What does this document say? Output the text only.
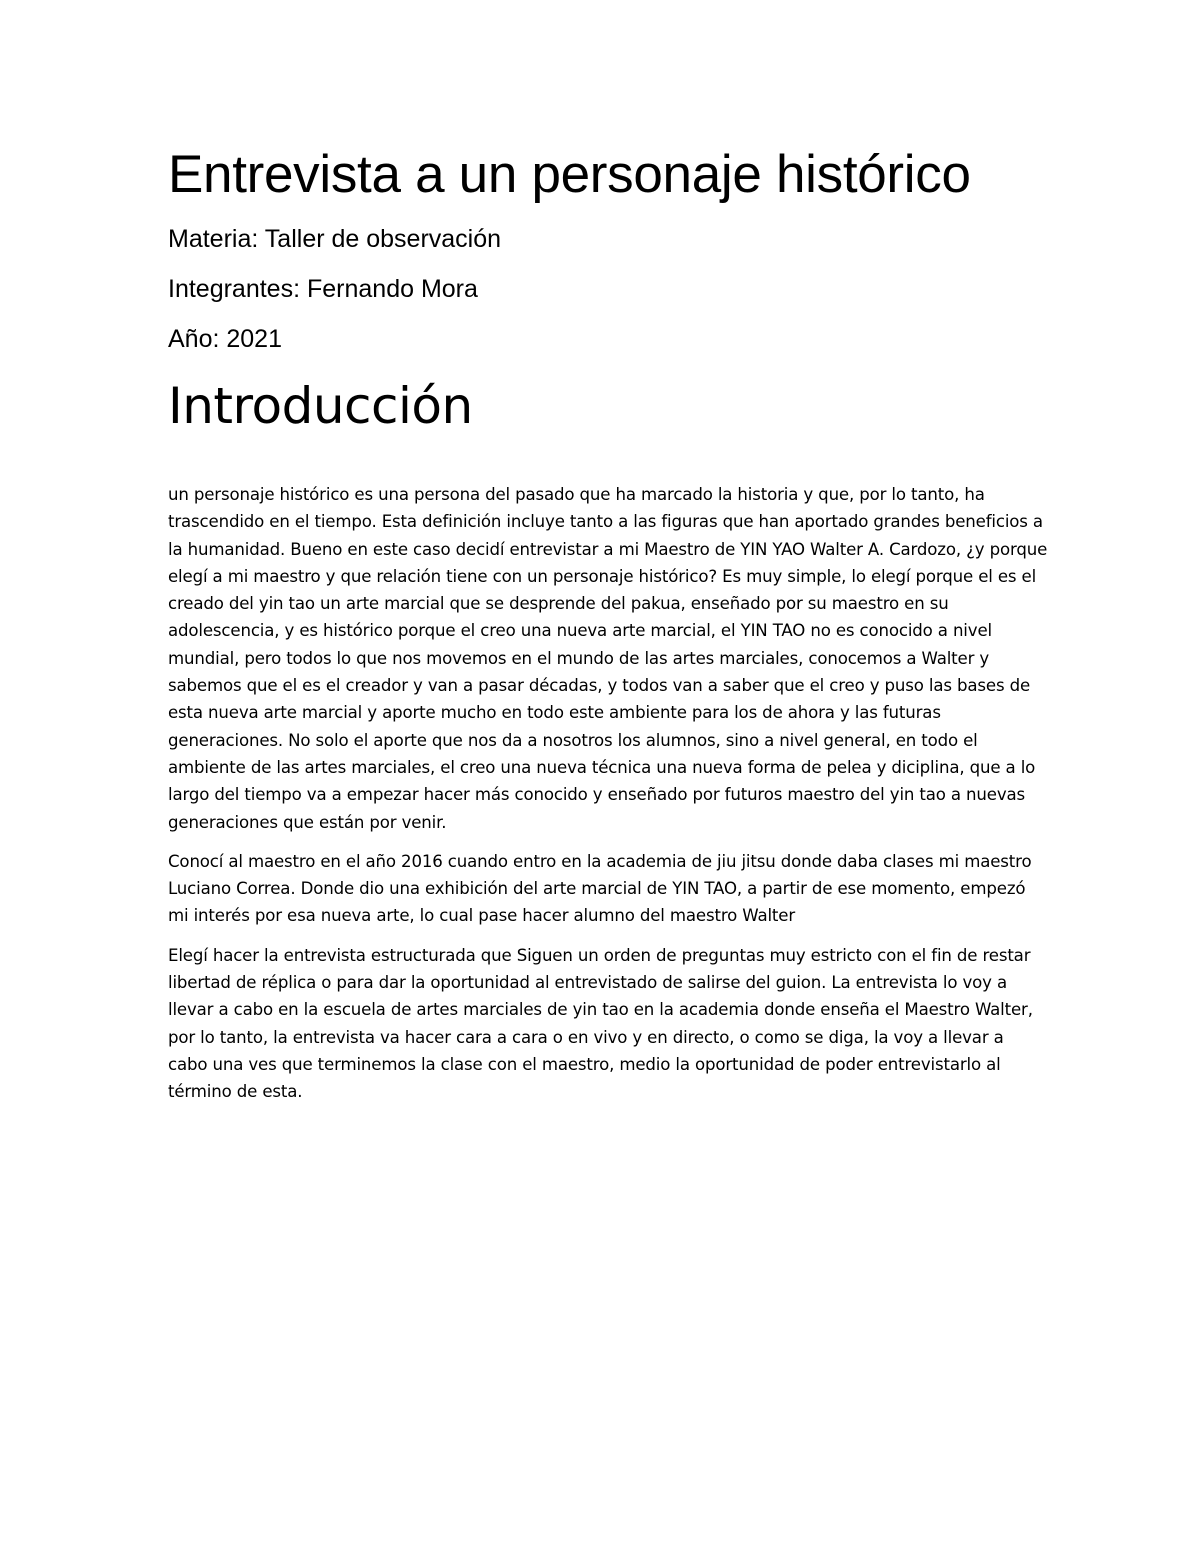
Entrevista a un personaje histórico

Materia: Taller de observación

Integrantes: Fernando Mora

Año: 2021

Introducción

un personaje histórico es una persona del pasado que ha marcado la historia y que, por lo tanto, ha trascendido en el tiempo. Esta definición incluye tanto a las figuras que han aportado grandes beneficios a la humanidad. Bueno en este caso decidí entrevistar a mi Maestro de YIN YAO Walter A. Cardozo, ¿y porque elegí a mi maestro y que relación tiene con un personaje histórico? Es muy simple, lo elegí porque el es el creado del yin tao un arte marcial que se desprende del pakua, enseñado por su maestro en su adolescencia, y es histórico porque el creo una nueva arte marcial, el YIN TAO no es conocido a nivel mundial, pero todos lo que nos movemos en el mundo de las artes marciales, conocemos a Walter y sabemos que el es el creador y van a pasar décadas, y todos van a saber que el creo y puso las bases de esta nueva arte marcial y aporte mucho en todo este ambiente para los de ahora y las futuras generaciones. No solo el aporte que nos da a nosotros los alumnos, sino a nivel general, en todo el ambiente de las artes marciales, el creo una nueva técnica una nueva forma de pelea y diciplina, que a lo largo del tiempo va a empezar hacer más conocido y enseñado por futuros maestro del yin tao a nuevas generaciones que están por venir.

Conocí al maestro en el año 2016 cuando entro en la academia de jiu jitsu donde daba clases mi maestro Luciano Correa. Donde dio una exhibición del arte marcial de YIN TAO, a partir de ese momento, empezó mi interés por esa nueva arte, lo cual pase hacer alumno del maestro Walter

Elegí hacer la entrevista estructurada que Siguen un orden de preguntas muy estricto con el fin de restar libertad de réplica o para dar la oportunidad al entrevistado de salirse del guion. La entrevista lo voy a llevar a cabo en la escuela de artes marciales de yin tao en la academia donde enseña el Maestro Walter, por lo tanto, la entrevista va hacer cara a cara o en vivo y en directo, o como se diga, la voy a llevar a cabo una ves que terminemos la clase con el maestro, medio la oportunidad de poder entrevistarlo al término de esta.
